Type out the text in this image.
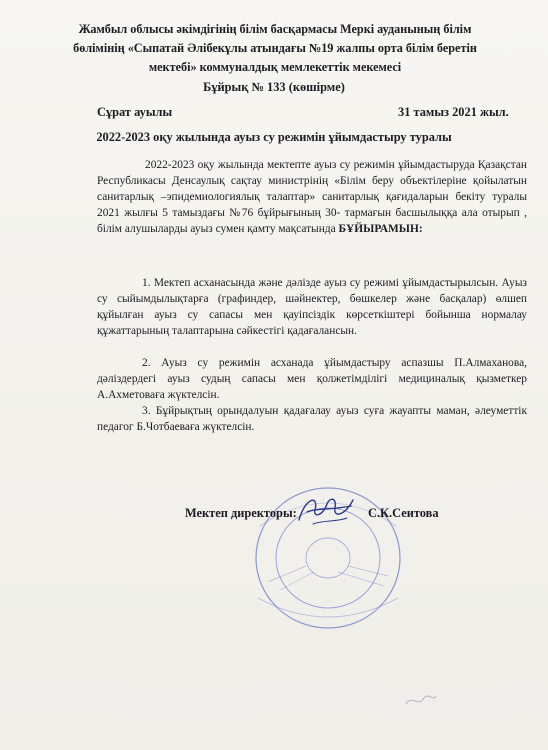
Жамбыл облысы әкімдігінің білім басқармасы Меркі ауданының білім
бөлімінің «Сыпатай Әлібекұлы атындағы №19 жалпы орта білім беретін
мектебі» коммуналдық мемлекеттік мекемесі
Бұйрық № 133 (көшірме)
Сұрат ауылы	31 тамыз 2021 жыл.
2022-2023 оқу жылында ауыз су режимін ұйымдастыру туралы
2022-2023 оқу жылында мектепте ауыз су режимін ұйымдастыруда Қазақстан Республикасы Денсаулық сақтау министрінің «Білім беру объектілеріне қойылатын санитарлық –эпидемиологиялық талаптар» санитарлық қағидаларын бекіту туралы 2021 жылғы 5 тамыздағы №76 бұйрығының 30- тармағын басшылыққа ала отырып , білім алушыларды ауыз сумен қамту мақсатында БҰЙЫРАМЫН:
1. Мектеп асханасында және дәлізде ауыз су режимі ұйымдастырылсын. Ауыз су сыйымдылықтарға (графиндер, шәйнектер, бөшкелер және басқалар) өлшеп құйылған ауыз су сапасы мен қауіпсіздік көрсеткіштері бойынша нормалау құжаттарының талаптарына сәйкестігі қадағалансын.
2. Ауыз су режимін асханада ұйымдастыру аспазшы П.Алмаханова, дәліздердегі ауыз судың сапасы мен қолжетімділігі медициналық қызметкер А.Ахметоваға жүктелсін.
3. Бұйрықтың орындалуын қадағалау ауыз суға жауапты маман, әлеуметтік педагог Б.Чотбаеваға жүктелсін.
Мектеп директоры:	С.К.Сеитова
